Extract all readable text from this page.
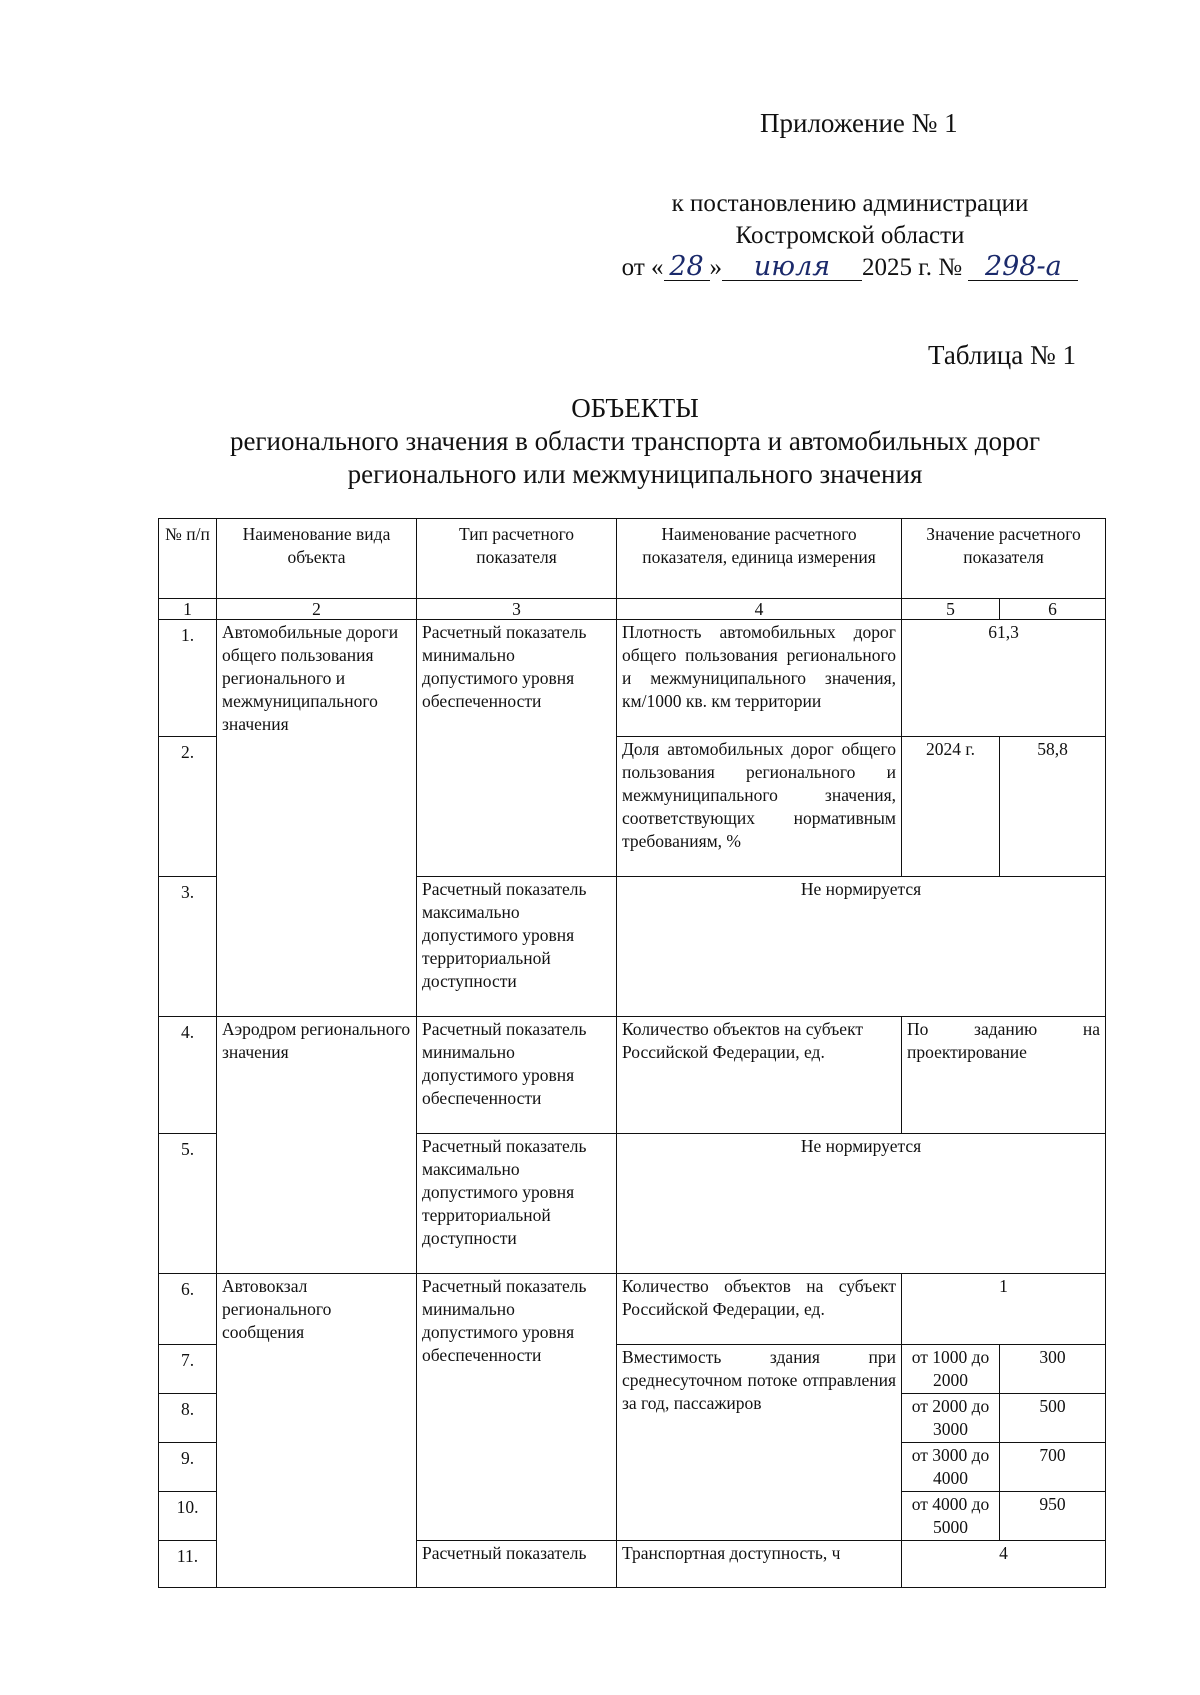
Приложение № 1

к постановлению администрации
Костромской области
от « 28 » июля 2025 г. № 298-а

Таблица № 1

ОБЪЕКТЫ
регионального значения в области транспорта и автомобильных дорог
регионального или межмуниципального значения
№ п/п	Наименование вида объекта	Тип расчетного показателя	Наименование расчетного показателя, единица измерения	Значение расчетного показателя	
1	2	3	4	5	6
1.	Автомобильные дороги общего пользования регионального и межмуниципального значения	Расчетный показатель минимально допустимого уровня обеспеченности	Плотность автомобильных дорог общего пользования регионального и межмуниципального значения, км/1000 кв. км территории	61,3	
2.			Доля автомобильных дорог общего пользования регионального и межмуниципального значения, соответствующих нормативным требованиям, %	2024 г.	58,8
3.		Расчетный показатель максимально допустимого уровня территориальной доступности	Не нормируется		
4.	Аэродром регионального значения	Расчетный показатель минимально допустимого уровня обеспеченности	Количество объектов на субъект Российской Федерации, ед.	По заданию на проектирование	
5.		Расчетный показатель максимально допустимого уровня территориальной доступности	Не нормируется		
6.	Автовокзал регионального сообщения	Расчетный показатель минимально допустимого уровня обеспеченности	Количество объектов на субъект Российской Федерации, ед.	1	
7.			Вместимость здания при среднесуточном потоке отправления за год, пассажиров	от 1000 до 2000	300
8.				от 2000 до 3000	500
9.				от 3000 до 4000	700
10.				от 4000 до 5000	950
11.		Расчетный показатель	Транспортная доступность, ч	4	
